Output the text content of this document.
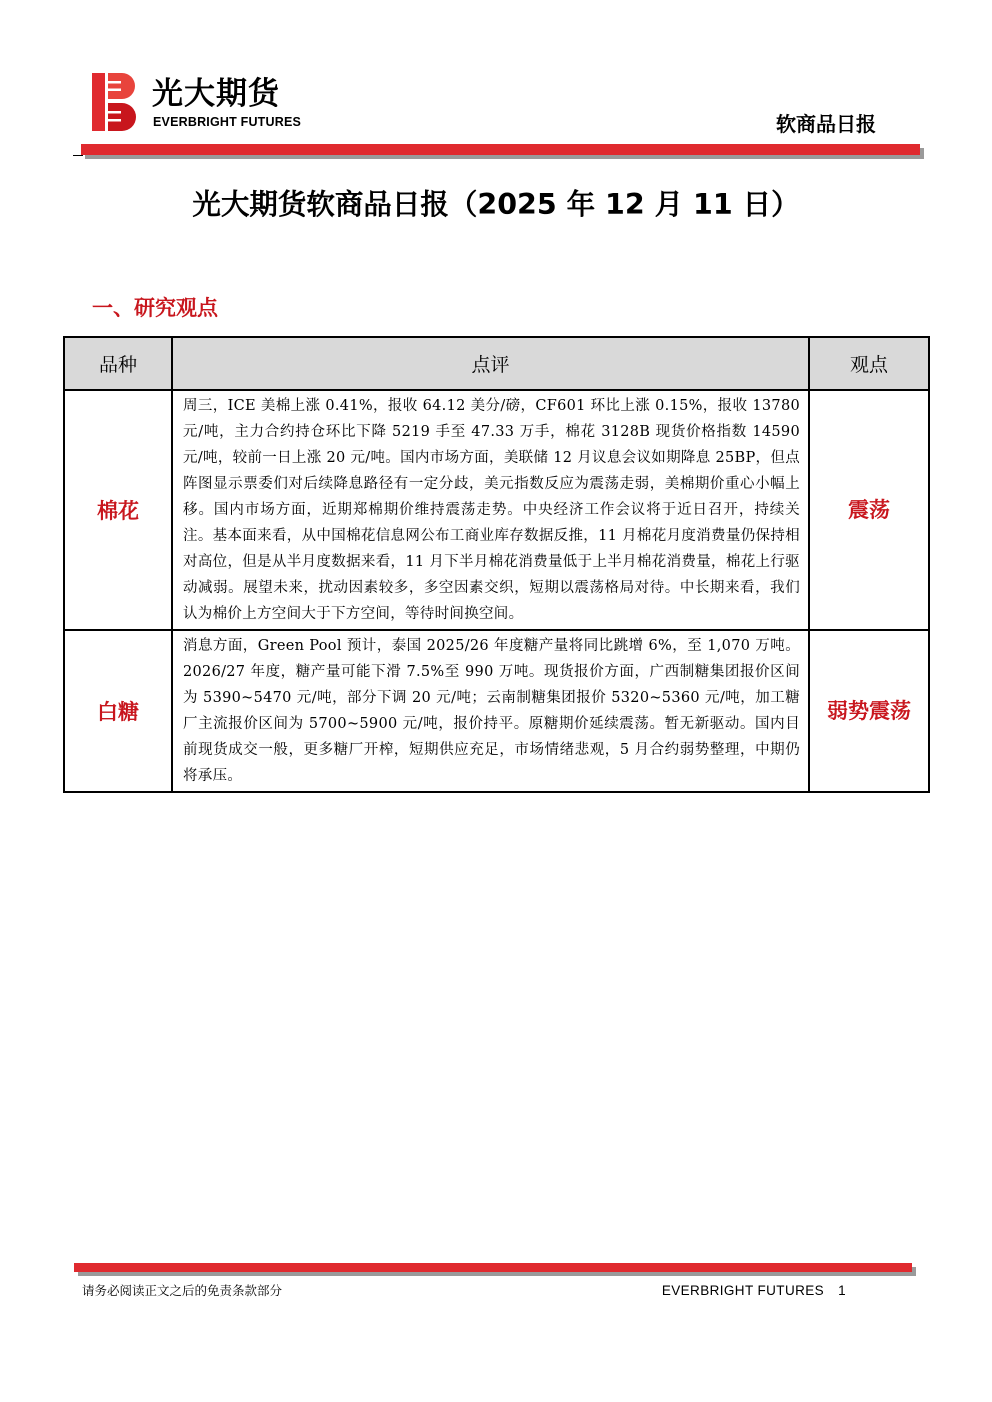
光大期货
EVERBRIGHT FUTURES	软商品日报
光大期货软商品日报（2025 年 12 月 11 日）
一、研究观点
品种	点评	观点
棉花	周三，ICE 美棉上涨 0.41%，报收 64.12 美分/磅，CF601 环比上涨 0.15%，报收 13780 元/吨，主力合约持仓环比下降 5219 手至 47.33 万手，棉花 3128B 现货价格指数 14590 元/吨，较前一日上涨 20 元/吨。国内市场方面，美联储 12 月议息会议如期降息 25BP，但点阵图显示票委们对后续降息路径有一定分歧，美元指数反应为震荡走弱，美棉期价重心小幅上移。国内市场方面，近期郑棉期价维持震荡走势。中央经济工作会议将于近日召开，持续关注。基本面来看，从中国棉花信息网公布工商业库存数据反推，11 月棉花月度消费量仍保持相对高位，但是从半月度数据来看，11 月下半月棉花消费量低于上半月棉花消费量，棉花上行驱动减弱。展望未来，扰动因素较多，多空因素交织，短期以震荡格局对待。中长期来看，我们认为棉价上方空间大于下方空间，等待时间换空间。	震荡
白糖	消息方面，Green Pool 预计，泰国 2025/26 年度糖产量将同比跳增 6%，至 1,070 万吨。2026/27 年度，糖产量可能下滑 7.5%至 990 万吨。现货报价方面，广西制糖集团报价区间为 5390~5470 元/吨，部分下调 20 元/吨；云南制糖集团报价 5320~5360 元/吨，加工糖厂主流报价区间为 5700~5900 元/吨，报价持平。原糖期价延续震荡。暂无新驱动。国内目前现货成交一般，更多糖厂开榨，短期供应充足，市场情绪悲观，5 月合约弱势整理，中期仍将承压。	弱势震荡
请务必阅读正文之后的免责条款部分	EVERBRIGHT FUTURES 1
